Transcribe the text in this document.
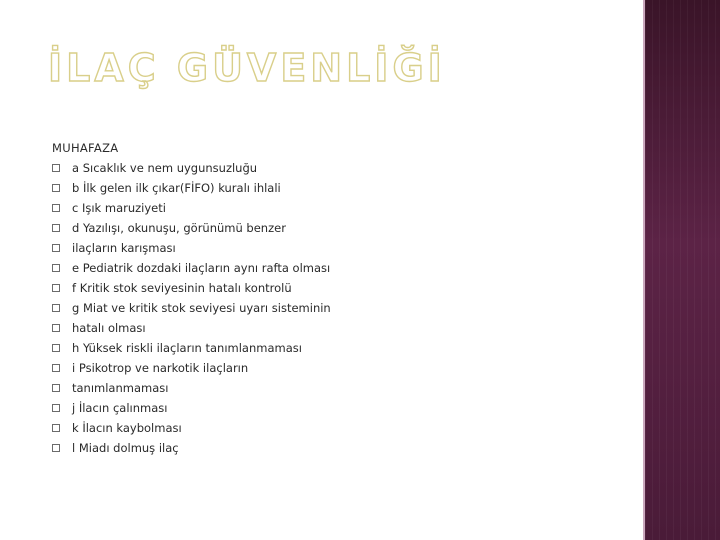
İLAÇ GÜVENLİĞİ
MUHAFAZA
a Sıcaklık ve nem uygunsuzluğu
b İlk gelen ilk çıkar(FİFO) kuralı ihlali
c Işık maruziyeti
d Yazılışı, okunuşu, görünümü benzer
ilaçların karışması
e Pediatrik dozdaki ilaçların aynı rafta olması
f Kritik stok seviyesinin hatalı kontrolü
g Miat ve kritik stok seviyesi uyarı sisteminin
hatalı olması
h Yüksek riskli ilaçların tanımlanmaması
i Psikotrop ve narkotik ilaçların
tanımlanmaması
j İlacın çalınması
k İlacın kaybolması
l Miadı dolmuş ilaç
